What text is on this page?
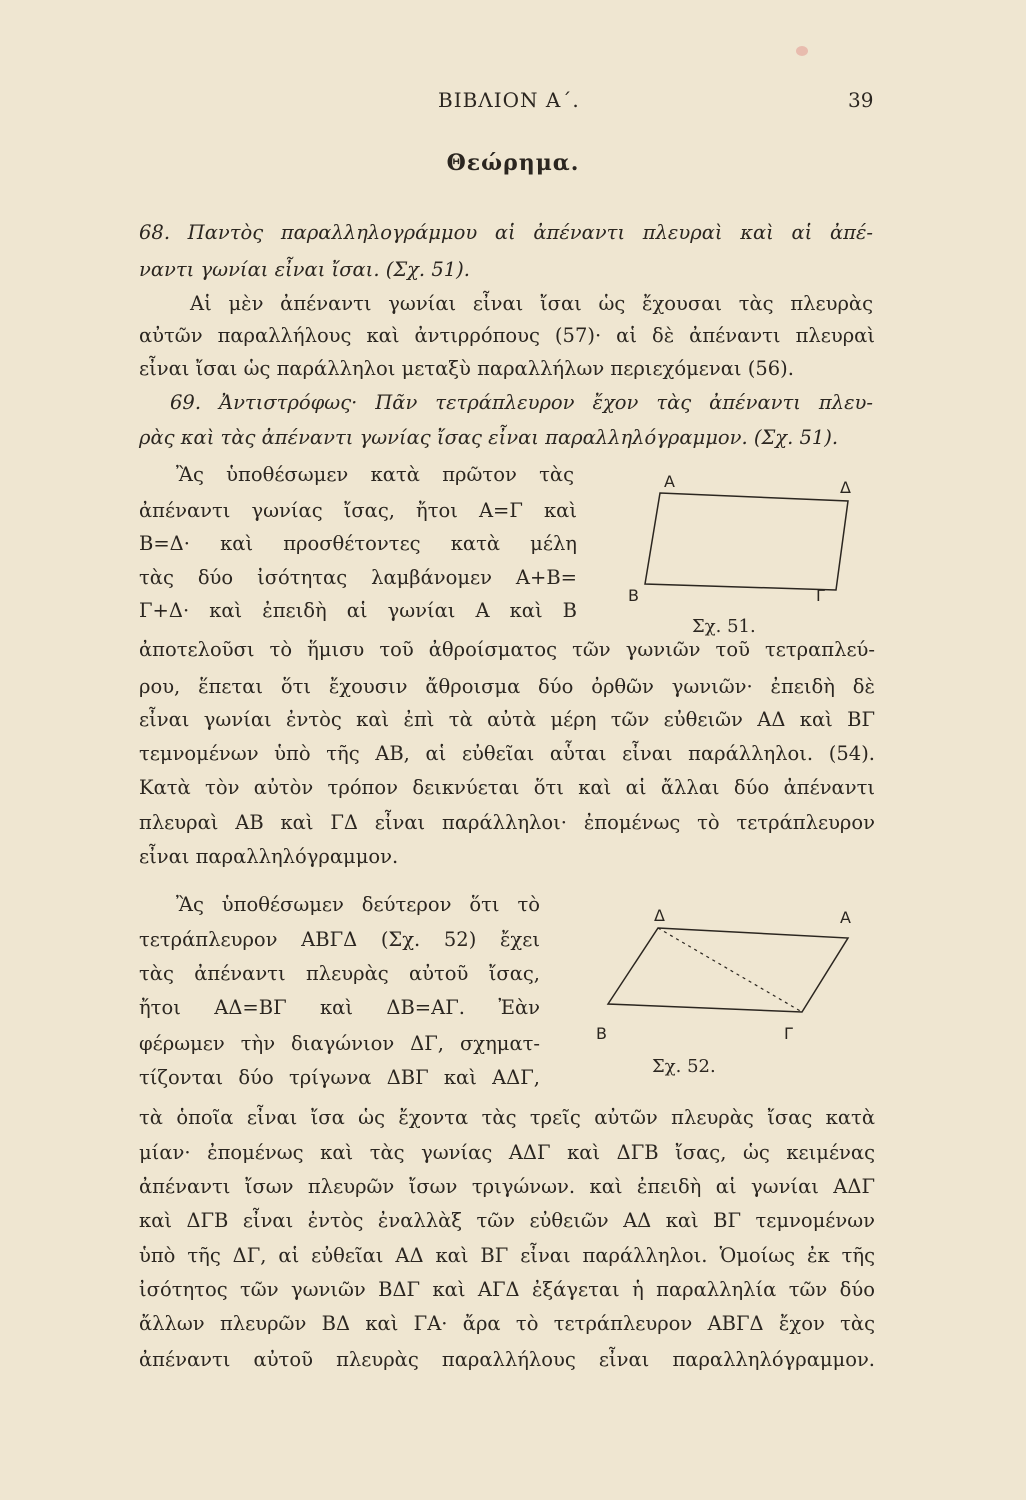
ΒΙΒΛΙΟΝ Α΄.	39
Θεώρημα.
68. Παντὸς παραλληλογράμμου αἱ ἀπέναντι πλευραὶ καὶ αἱ ἀπέ-
ναντι γωνίαι εἶναι ἴσαι. (Σχ. 51).
Αἱ μὲν ἀπέναντι γωνίαι εἶναι ἴσαι ὡς ἔχουσαι τὰς πλευρὰς
αὐτῶν παραλλήλους καὶ ἀντιρρόπους (57)· αἱ δὲ ἀπέναντι πλευραὶ
εἶναι ἴσαι ὡς παράλληλοι μεταξὺ παραλλήλων περιεχόμεναι (56).
69. Ἀντιστρόφως· Πᾶν τετράπλευρον ἔχον τὰς ἀπέναντι πλευ-
ρὰς καὶ τὰς ἀπέναντι γωνίας ἴσας εἶναι παραλληλόγραμμον. (Σχ. 51).
Ἂς ὑποθέσωμεν κατὰ πρῶτον τὰς
ἀπέναντι γωνίας ἴσας, ἤτοι Α=Γ καὶ
Β=Δ· καὶ προσθέτοντες κατὰ μέλη
τὰς δύο ἰσότητας λαμβάνομεν Α+Β=
Γ+Δ· καὶ ἐπειδὴ αἱ γωνίαι Α καὶ Β
Α	Δ
Β	Γ
Σχ. 51.
ἀποτελοῦσι τὸ ἥμισυ τοῦ ἀθροίσματος τῶν γωνιῶν τοῦ τετραπλεύ-
ρου, ἕπεται ὅτι ἔχουσιν ἄθροισμα δύο ὀρθῶν γωνιῶν· ἐπειδὴ δὲ
εἶναι γωνίαι ἐντὸς καὶ ἐπὶ τὰ αὐτὰ μέρη τῶν εὐθειῶν ΑΔ καὶ ΒΓ
τεμνομένων ὑπὸ τῆς ΑΒ, αἱ εὐθεῖαι αὗται εἶναι παράλληλοι. (54).
Κατὰ τὸν αὐτὸν τρόπον δεικνύεται ὅτι καὶ αἱ ἄλλαι δύο ἀπέναντι
πλευραὶ ΑΒ καὶ ΓΔ εἶναι παράλληλοι· ἐπομένως τὸ τετράπλευρον
εἶναι παραλληλόγραμμον.
Ἂς ὑποθέσωμεν δεύτερον ὅτι τὸ
τετράπλευρον ΑΒΓΔ (Σχ. 52) ἔχει
τὰς ἀπέναντι πλευρὰς αὐτοῦ ἴσας,
ἤτοι ΑΔ=ΒΓ καὶ ΔΒ=ΑΓ. Ἐὰν
φέρωμεν τὴν διαγώνιον ΔΓ, σχηματ-
τίζονται δύο τρίγωνα ΔΒΓ καὶ ΑΔΓ,
Δ	Α
Β	Γ
Σχ. 52.
τὰ ὁποῖα εἶναι ἴσα ὡς ἔχοντα τὰς τρεῖς αὐτῶν πλευρὰς ἴσας κατὰ
μίαν· ἐπομένως καὶ τὰς γωνίας ΑΔΓ καὶ ΔΓΒ ἴσας, ὡς κειμένας
ἀπέναντι ἴσων πλευρῶν ἴσων τριγώνων. καὶ ἐπειδὴ αἱ γωνίαι ΑΔΓ
καὶ ΔΓΒ εἶναι ἐντὸς ἐναλλὰξ τῶν εὐθειῶν ΑΔ καὶ ΒΓ τεμνομένων
ὑπὸ τῆς ΔΓ, αἱ εὐθεῖαι ΑΔ καὶ ΒΓ εἶναι παράλληλοι. Ὁμοίως ἐκ τῆς
ἰσότητος τῶν γωνιῶν ΒΔΓ καὶ ΑΓΔ ἐξάγεται ἡ παραλληλία τῶν δύο
ἄλλων πλευρῶν ΒΔ καὶ ΓΑ· ἄρα τὸ τετράπλευρον ΑΒΓΔ ἔχον τὰς
ἀπέναντι αὐτοῦ πλευρὰς παραλλήλους εἶναι παραλληλόγραμμον.
